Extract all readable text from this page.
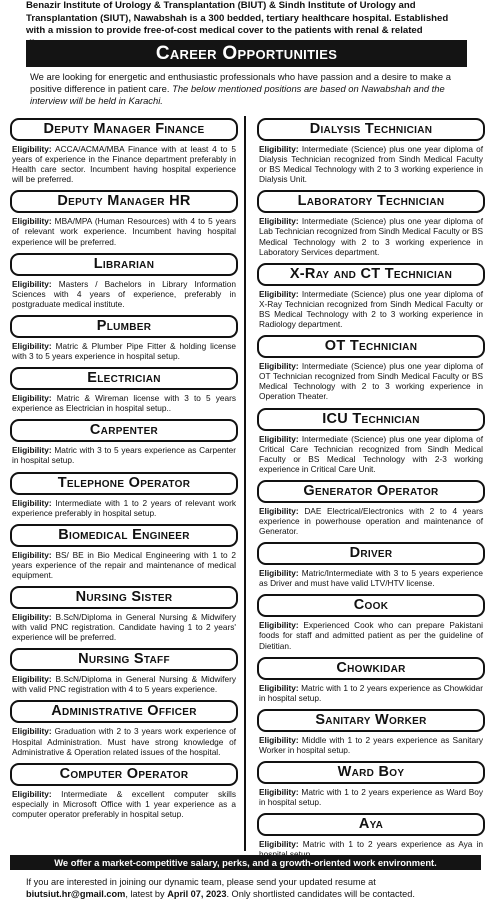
Benazir Institute of Urology & Transplantation (BIUT) & Sindh Institute of Urology and Transplantation (SIUT), Nawabshah is a 300 bedded, tertiary healthcare hospital. Established with a mission to provide free-of-cost medical cover to the patients with renal & related
Career Opportunities
We are looking for energetic and enthusiastic professionals who have passion and a desire to make a positive difference in patient care. The below mentioned positions are based on Nawabshah and the interview will be held in Karachi.
Deputy Manager Finance
Eligibility: ACCA/ACMA/MBA Finance with at least 4 to 5 years of experience in the Finance department preferably in Health care sector. Incumbent having hospital experience will be preferred.
Deputy Manager HR
Eligibility: MBA/MPA (Human Resources) with 4 to 5 years of relevant work experience. Incumbent having hospital experience will be preferred.
Librarian
Eligibility: Masters / Bachelors in Library Information Sciences with 4 years of experience, preferably in postgraduate medical institute.
Plumber
Eligibility: Matric & Plumber Pipe Fitter & holding license with 3 to 5 years experience in hospital setup.
Electrician
Eligibility: Matric & Wireman license with 3 to 5 years experience as Electrician in hospital setup..
Carpenter
Eligibility: Matric with 3 to 5 years experience as Carpenter in hospital setup.
Telephone Operator
Eligibility: Intermediate with 1 to 2 years of relevant work experience preferably in hospital setup.
Biomedical Engineer
Eligibility: BS/ BE in Bio Medical Engineering with 1 to 2 years experience of the repair and maintenance of medical equipment.
Nursing Sister
Eligibility: B.ScN/Diploma in General Nursing & Midwifery with valid PNC registration. Candidate having 1 to 2 years' experience will be preferred.
Nursing Staff
Eligibility: B.ScN/Diploma in General Nursing & Midwifery with valid PNC registration with 4 to 5 years experience.
Administrative Officer
Eligibility: Graduation with 2 to 3 years work experience of Hospital Administration. Must have strong knowledge of Administrative & Operation related issues of the hospital.
Computer Operator
Eligibility: Intermediate & excellent computer skills especially in Microsoft Office with 1 year experience as a computer operator preferably in hospital setup.
Dialysis Technician
Eligibility: Intermediate (Science) plus one year diploma of Dialysis Technician recognized from Sindh Medical Faculty or BS Medical Technology with 2 to 3 working experience in Dialysis Unit.
Laboratory Technician
Eligibility: Intermediate (Science) plus one year diploma of Lab Technician recognized from Sindh Medical Faculty or BS Medical Technology with 2 to 3 working experience in Laboratory Services department.
X-Ray and CT Technician
Eligibility: Intermediate (Science) plus one year diploma of X-Ray Technician recognized from Sindh Medical Faculty or BS Medical Technology with 2 to 3 working experience in Radiology department.
OT Technician
Eligibility: Intermediate (Science) plus one year diploma of OT Technician recognized from Sindh Medical Faculty or BS Medical Technology with 2 to 3 working experience in Operation Theater.
ICU Technician
Eligibility: Intermediate (Science) plus one year diploma of Critical Care Technician recognized from Sindh Medical Faculty or BS Medical Technology with 2-3 working experience in Critical Care Unit.
Generator Operator
Eligibility: DAE Electrical/Electronics with 2 to 4 years experience in powerhouse operation and maintenance of Generator.
Driver
Eligibility: Matric/Intermediate with 3 to 5 years experience as Driver and must have valid LTV/HTV license.
Cook
Eligibility: Experienced Cook who can prepare Pakistani foods for staff and admitted patient as per the guideline of Dietitian.
Chowkidar
Eligibility: Matric with 1 to 2 years experience as Chowkidar in hospital setup.
Sanitary Worker
Eligibility: Middle with 1 to 2 years experience as Sanitary Worker in hospital setup.
Ward Boy
Eligibility: Matric with 1 to 2 years experience as Ward Boy in hospital setup.
Aya
Eligibility: Matric with 1 to 2 years experience as Aya in
We offer a market-competitive salary, perks, and a growth-oriented work environment.
If you are interested in joining our dynamic team, please send your updated resume at biutsiut.hr@gmail.com, latest by April 07, 2023. Only shortlisted candidates will be contacted.
